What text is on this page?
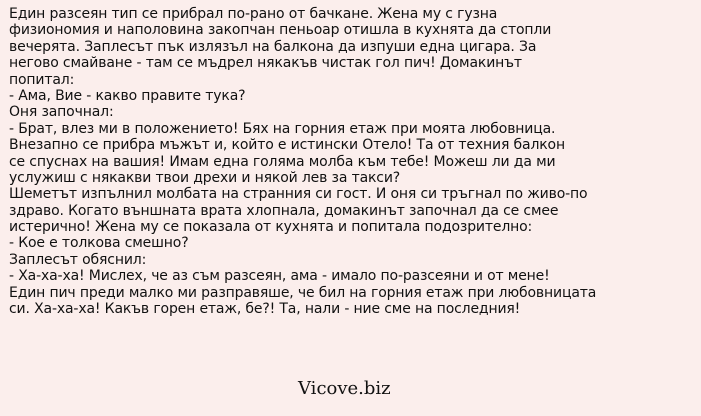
Един разсеян тип се прибрал по-рано от бачкане. Жена му с гузна
физиономия и наполовина закопчан пеньоар отишла в кухнята да стопли
вечерята. Заплесът пък излязъл на балкона да изпуши една цигара. За
негово смайване - там се мъдрел някакъв чистак гол пич! Домакинът
попитал:
- Ама, Вие - какво правите тука?
Оня започнал:
- Брат, влез ми в положението! Бях на горния етаж при моята любовница.
Внезапно се прибра мъжът и, който е истински Отело! Та от техния балкон
се спуснах на вашия! Имам една голяма молба към тебе! Можеш ли да ми
услужиш с някакви твои дрехи и някой лев за такси?
Шеметът изпълнил молбата на странния си гост. И оня си тръгнал по живо-по
здраво. Когато външната врата хлопнала, домакинът започнал да се смее
истерично! Жена му се показала от кухнята и попитала подозрително:
- Кое е толкова смешно?
Заплесът обяснил:
- Ха-ха-ха! Мислех, че аз съм разсеян, ама - имало по-разсеяни и от мене!
Един пич преди малко ми разправяше, че бил на горния етаж при любовницата
си. Ха-ха-ха! Какъв горен етаж, бе?! Та, нали - ние сме на последния!
Vicove.biz
